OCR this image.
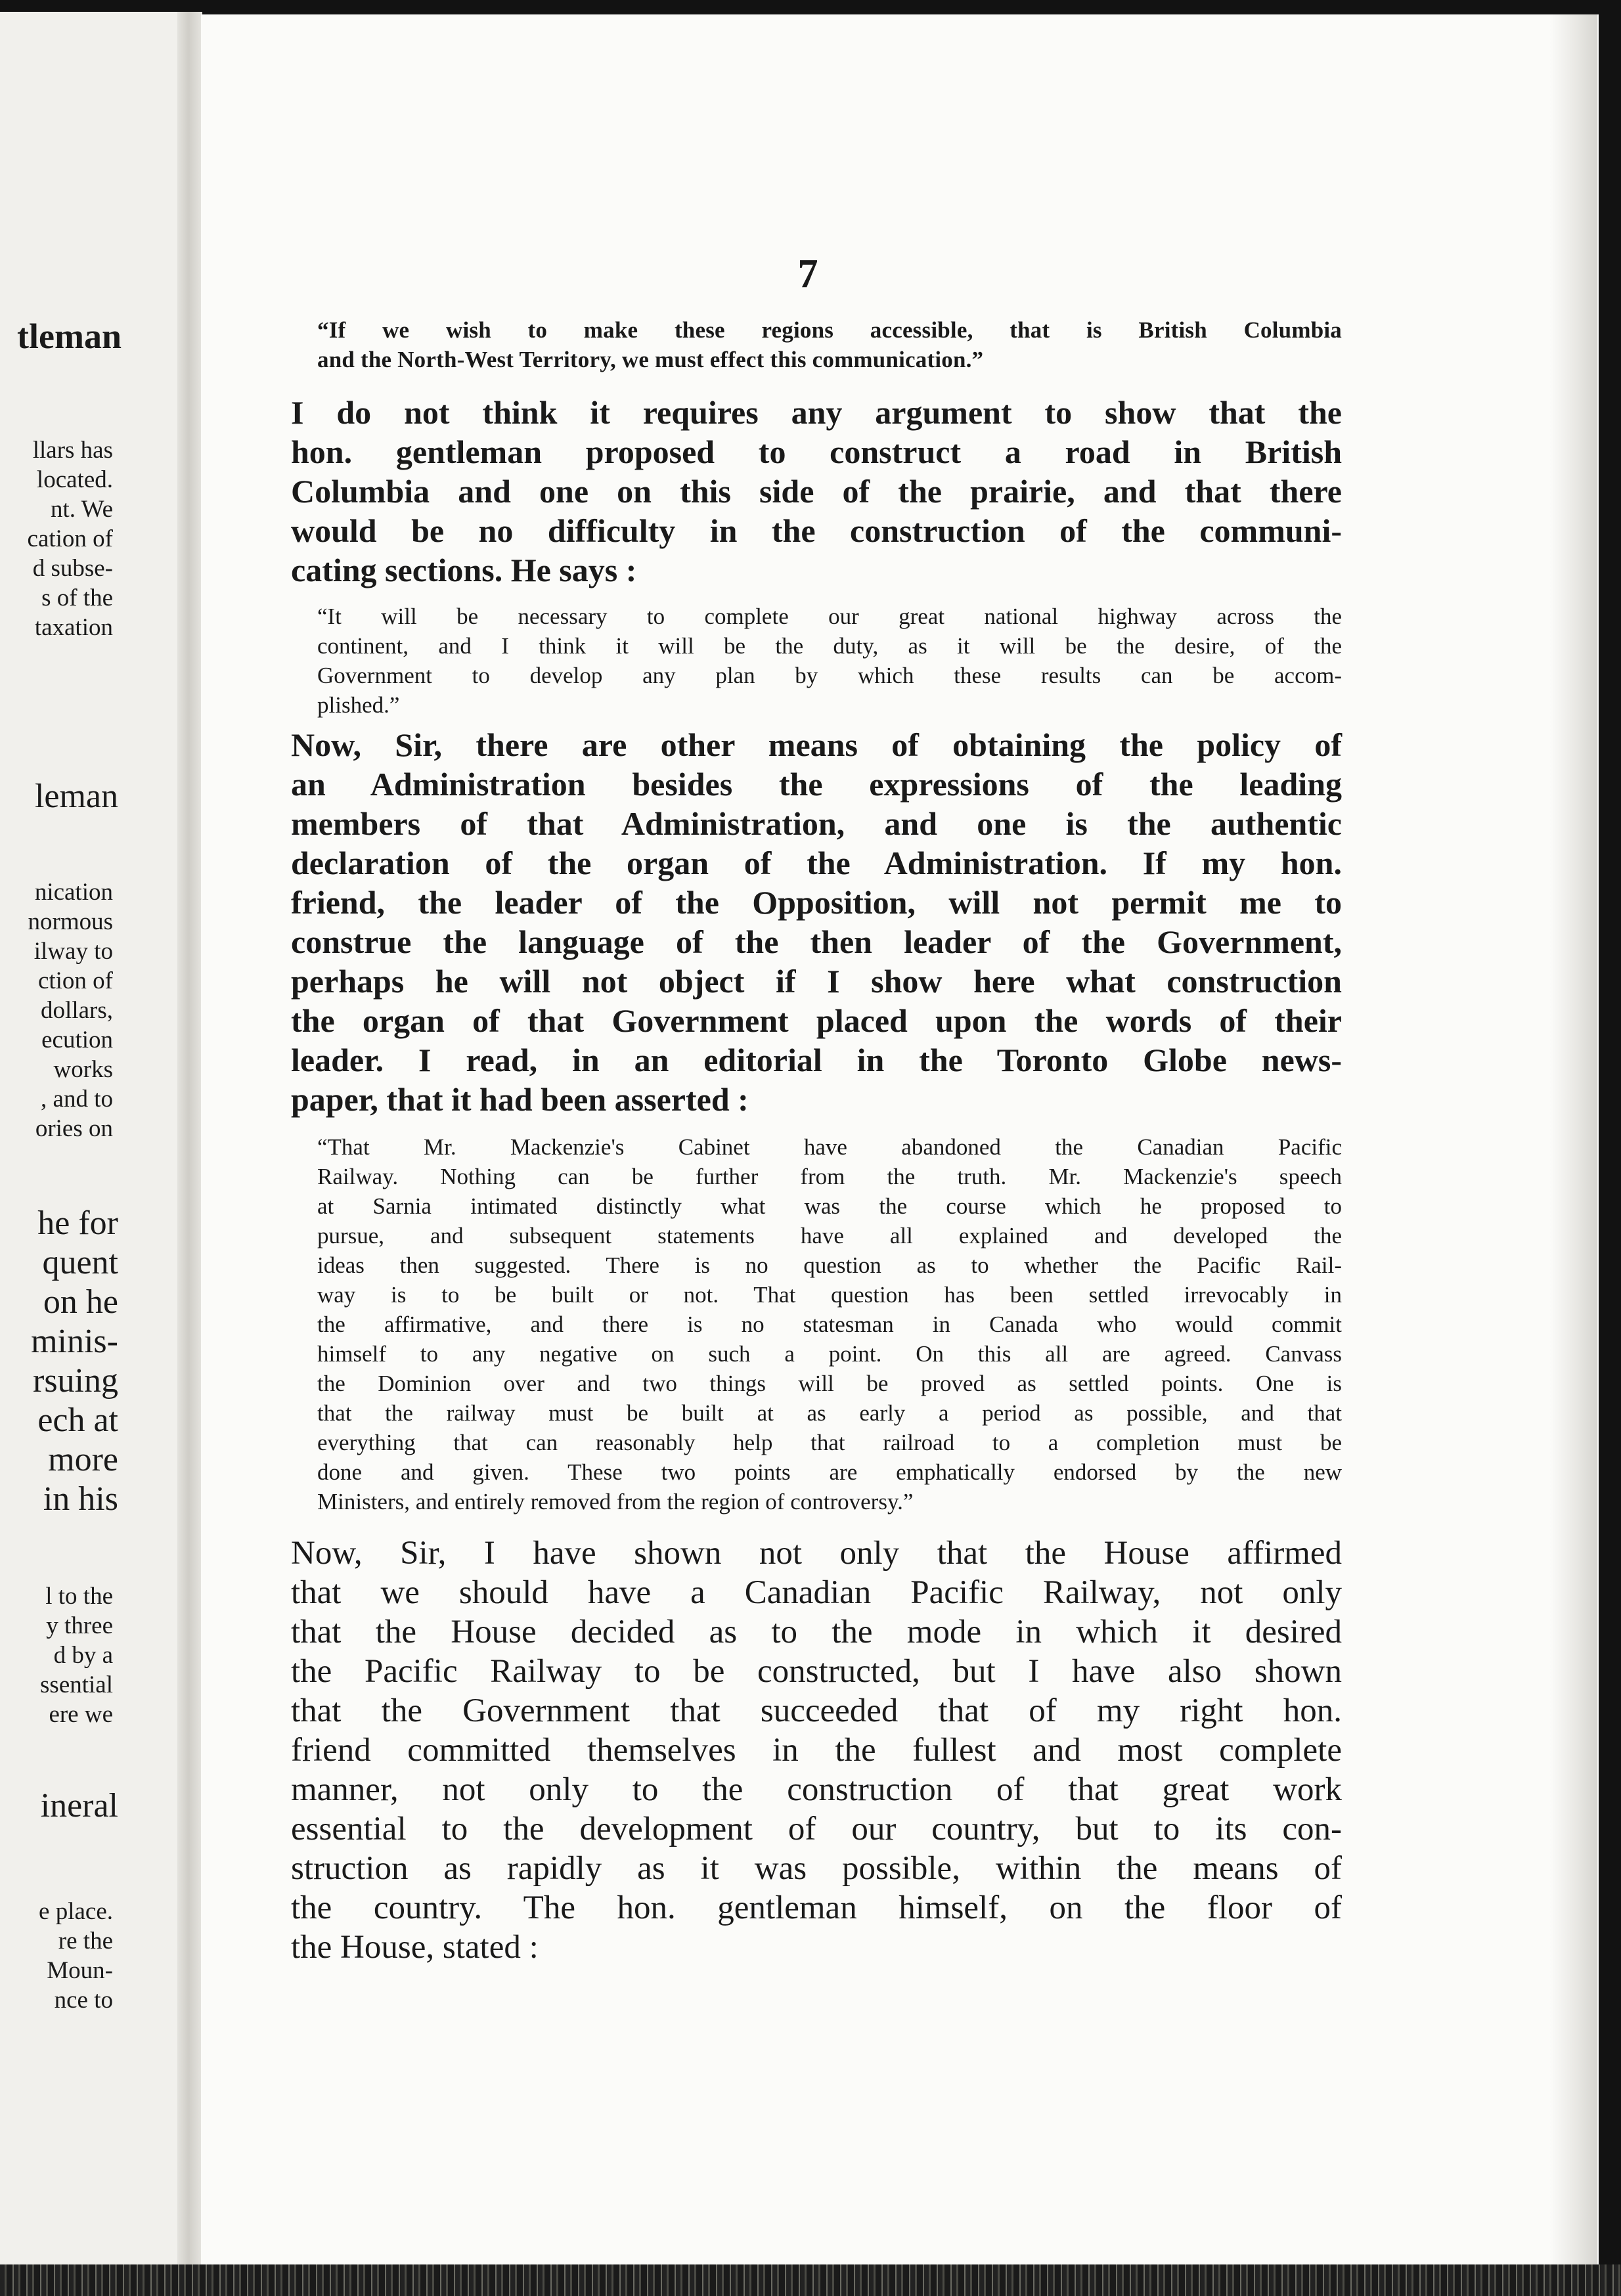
tleman
llars has
located.
nt. We
cation of
d subse-
s of the
taxation
leman
nication
normous
ilway to
ction of
dollars,
ecution
works
, and to
ories on
he for
quent
on he
minis-
rsuing
ech at
more
in his
l to the
y three
d by a
ssential
ere we
ineral
e place.
re the
Moun-
nce to
7
“If we wish to make these regions accessible, that is British Columbia
and the North-West Territory, we must effect this communication.”
I do not think it requires any argument to show that the
hon. gentleman proposed to construct a road in British
Columbia and one on this side of the prairie, and that there
would be no difficulty in the construction of the communi-
cating sections. He says :
“It will be necessary to complete our great national highway across the
continent, and I think it will be the duty, as it will be the desire, of the
Government to develop any plan by which these results can be accom-
plished.”
Now, Sir, there are other means of obtaining the policy of
an Administration besides the expressions of the leading
members of that Administration, and one is the authentic
declaration of the organ of the Administration. If my hon.
friend, the leader of the Opposition, will not permit me to
construe the language of the then leader of the Government,
perhaps he will not object if I show here what construction
the organ of that Government placed upon the words of their
leader. I read, in an editorial in the Toronto Globe news-
paper, that it had been asserted :
“That Mr. Mackenzie's Cabinet have abandoned the Canadian Pacific
Railway. Nothing can be further from the truth. Mr. Mackenzie's speech
at Sarnia intimated distinctly what was the course which he proposed to
pursue, and subsequent statements have all explained and developed the
ideas then suggested. There is no question as to whether the Pacific Rail-
way is to be built or not. That question has been settled irrevocably in
the affirmative, and there is no statesman in Canada who would commit
himself to any negative on such a point. On this all are agreed. Canvass
the Dominion over and two things will be proved as settled points. One is
that the railway must be built at as early a period as possible, and that
everything that can reasonably help that railroad to a completion must be
done and given. These two points are emphatically endorsed by the new
Ministers, and entirely removed from the region of controversy.”
Now, Sir, I have shown not only that the House affirmed
that we should have a Canadian Pacific Railway, not only
that the House decided as to the mode in which it desired
the Pacific Railway to be constructed, but I have also shown
that the Government that succeeded that of my right hon.
friend committed themselves in the fullest and most complete
manner, not only to the construction of that great work
essential to the development of our country, but to its con-
struction as rapidly as it was possible, within the means of
the country. The hon. gentleman himself, on the floor of
the House, stated :
